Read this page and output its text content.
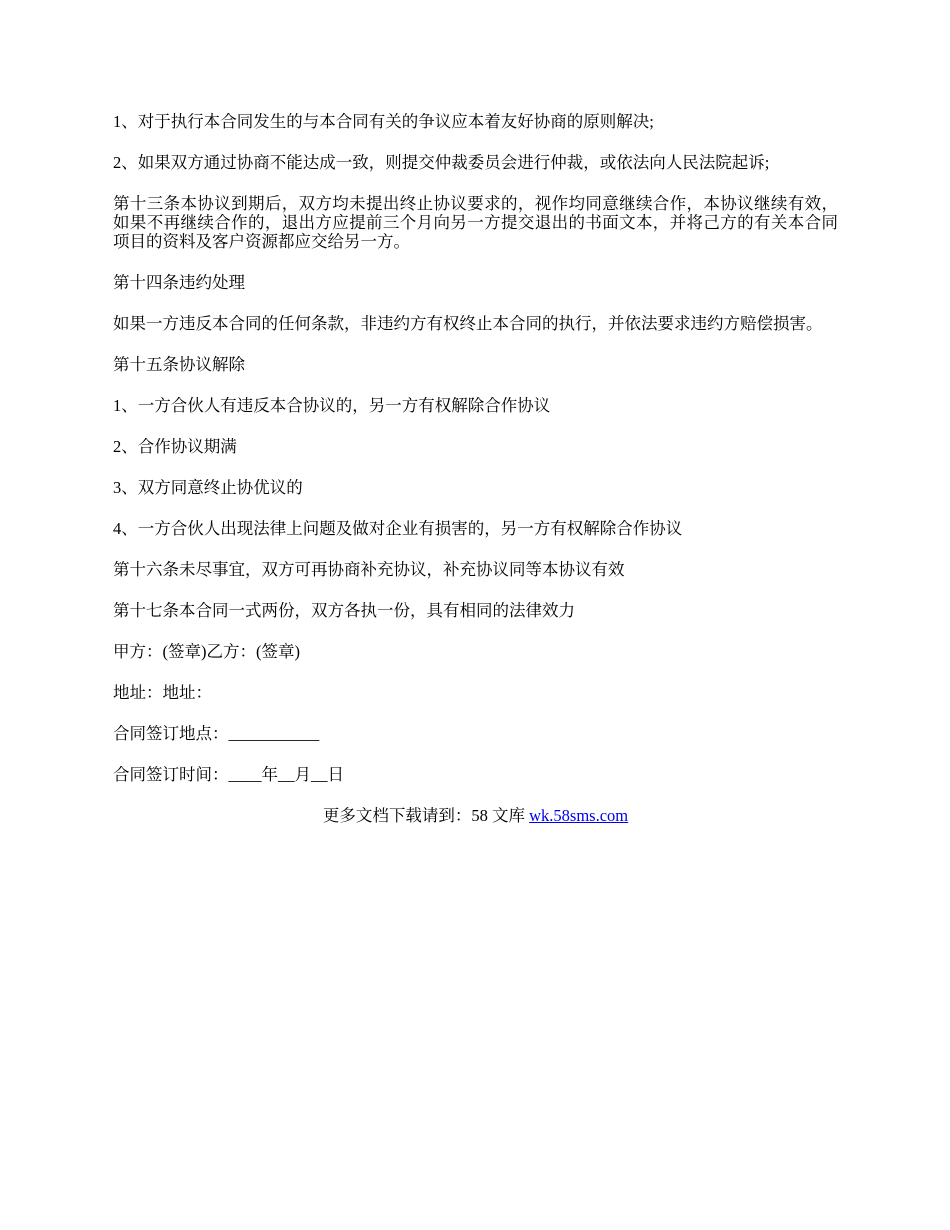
1、对于执行本合同发生的与本合同有关的争议应本着友好协商的原则解决;

2、如果双方通过协商不能达成一致，则提交仲裁委员会进行仲裁，或依法向人民法院起诉;

第十三条本协议到期后，双方均未提出终止协议要求的，视作均同意继续合作，本协议继续有效，如果不再继续合作的，退出方应提前三个月向另一方提交退出的书面文本，并将己方的有关本合同项目的资料及客户资源都应交给另一方。

第十四条违约处理

如果一方违反本合同的任何条款，非违约方有权终止本合同的执行，并依法要求违约方赔偿损害。

第十五条协议解除

1、一方合伙人有违反本合协议的，另一方有权解除合作协议

2、合作协议期满

3、双方同意终止协优议的

4、一方合伙人出现法律上问题及做对企业有损害的，另一方有权解除合作协议

第十六条未尽事宜，双方可再协商补充协议，补充协议同等本协议有效

第十七条本合同一式两份，双方各执一份，具有相同的法律效力

甲方：(签章)乙方：(签章)

地址：地址：

合同签订地点：___________

合同签订时间：____年__月__日

更多文档下载请到：58 文库 wk.58sms.com
